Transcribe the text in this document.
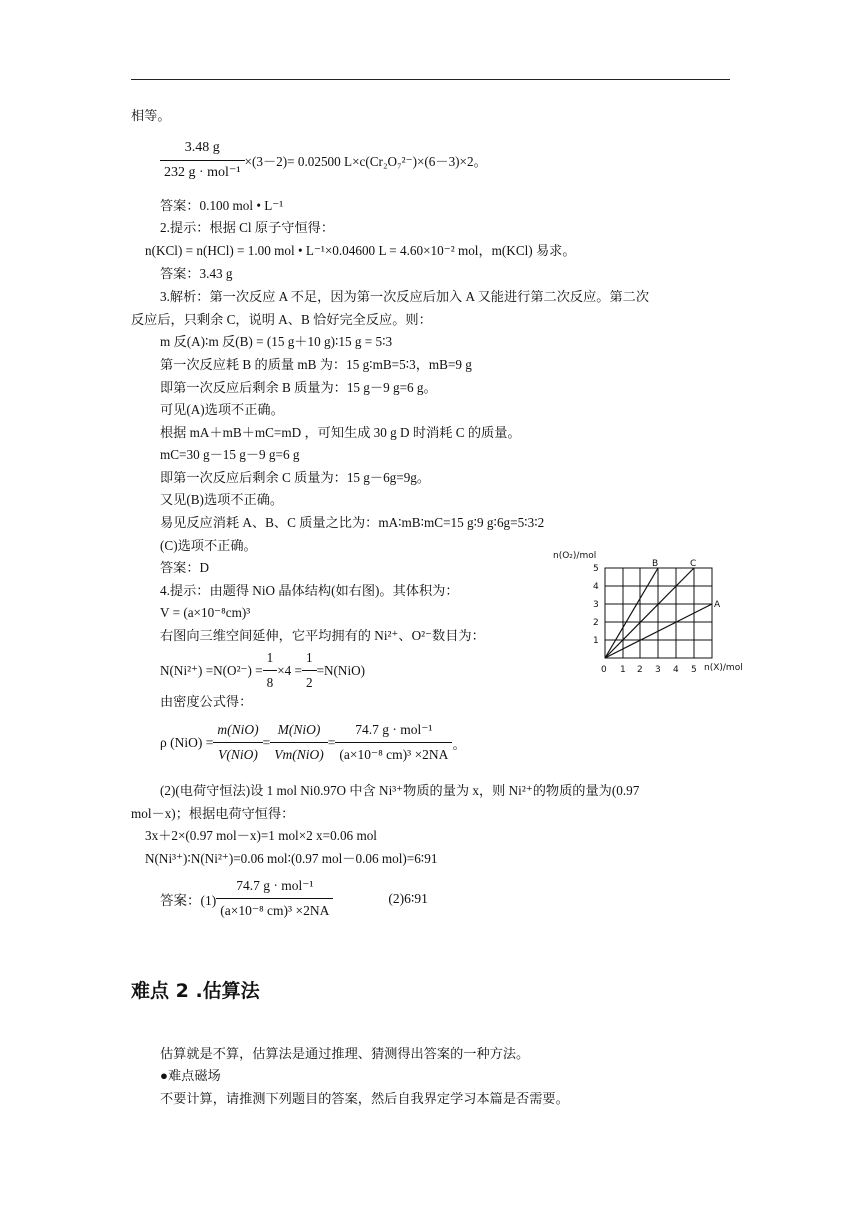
相等。
$\frac{3.48 g}{\text{232 g · mol⁻¹}} \times(3-2)= 0.02500$ L×c(Cr₂O₇²⁻)×(6－3)×2。
答案：0.100 mol • L⁻¹
2.提示：根据 Cl 原子守恒得：
n(KCl) = n(HCl) = 1.00 mol • L⁻¹×0.04600 L = 4.60×10⁻² mol，m(KCl) 易求。
答案：3.43 g
3.解析：第一次反应 A 不足，因为第一次反应后加入 A 又能进行第二次反应。第二次
反应后，只剩余 C，说明 A、B 恰好完全反应。则：
m 反(A)∶m 反(B) = (15 g＋10 g)∶15 g = 5∶3
第一次反应耗 B 的质量 mB 为：15 g∶mB=5∶3，mB=9 g
即第一次反应后剩余 B 质量为：15 g－9 g=6 g。
可见(A)选项不正确。
根据 mA＋mB＋mC=mD ，可知生成 30 g D 时消耗 C 的质量。
mC=30 g－15 g－9 g=6 g
即第一次反应后剩余 C 质量为：15 g－6g=9g。
又见(B)选项不正确。
易见反应消耗 A、B、C 质量之比为：mA∶mB∶mC=15 g∶9 g∶6g=5∶3∶2
(C)选项不正确。
答案：D
4.提示：由题得 NiO 晶体结构(如右图)。其体积为：
V = (a×10⁻⁸cm)³
右图向三维空间延伸，它平均拥有的 Ni²⁺、O²⁻数目为：
$N(Ni^{2+}) =N(O^{2-}) = \frac{1}{8} \times 4 = \frac{1}{2} =N(NiO)$
由密度公式得：
ρ $(NiO) = \frac{\text{m(NiO)}}{\text{V(NiO)}} = \frac{\text{M(NiO)}}{\text{Vm(NiO)}} = \frac{\text{74.7 g · mol⁻¹}}{\text{(a×10⁻⁸ cm)³ ×2NA}}$ 。
(2)(电荷守恒法)设 1 mol Ni0.97O 中含 Ni³⁺物质的量为 x，则 Ni²⁺的物质的量为(0.97
mol－x)；根据电荷守恒得：
3x＋2×(0.97 mol－x)=1 mol×2 x=0.06 mol
N(Ni³⁺)∶N(Ni²⁺)=0.06 mol∶(0.97 mol－0.06 mol)=6∶91
答案：$(1) \frac{\text{74.7 g · mol⁻¹}}{\text{(a×10⁻⁸ cm)³ ×2NA}}$	(2)6∶91
难点 2 .估算法
估算就是不算，估算法是通过推理、猜测得出答案的一种方法。
●难点磁场
不要计算，请推测下列题目的答案，然后自我界定学习本篇是否需要。
n(O₂)/mol
n(X)/mol
1
2
3
4
5
0 1 2 3 4 5
B	C
A
